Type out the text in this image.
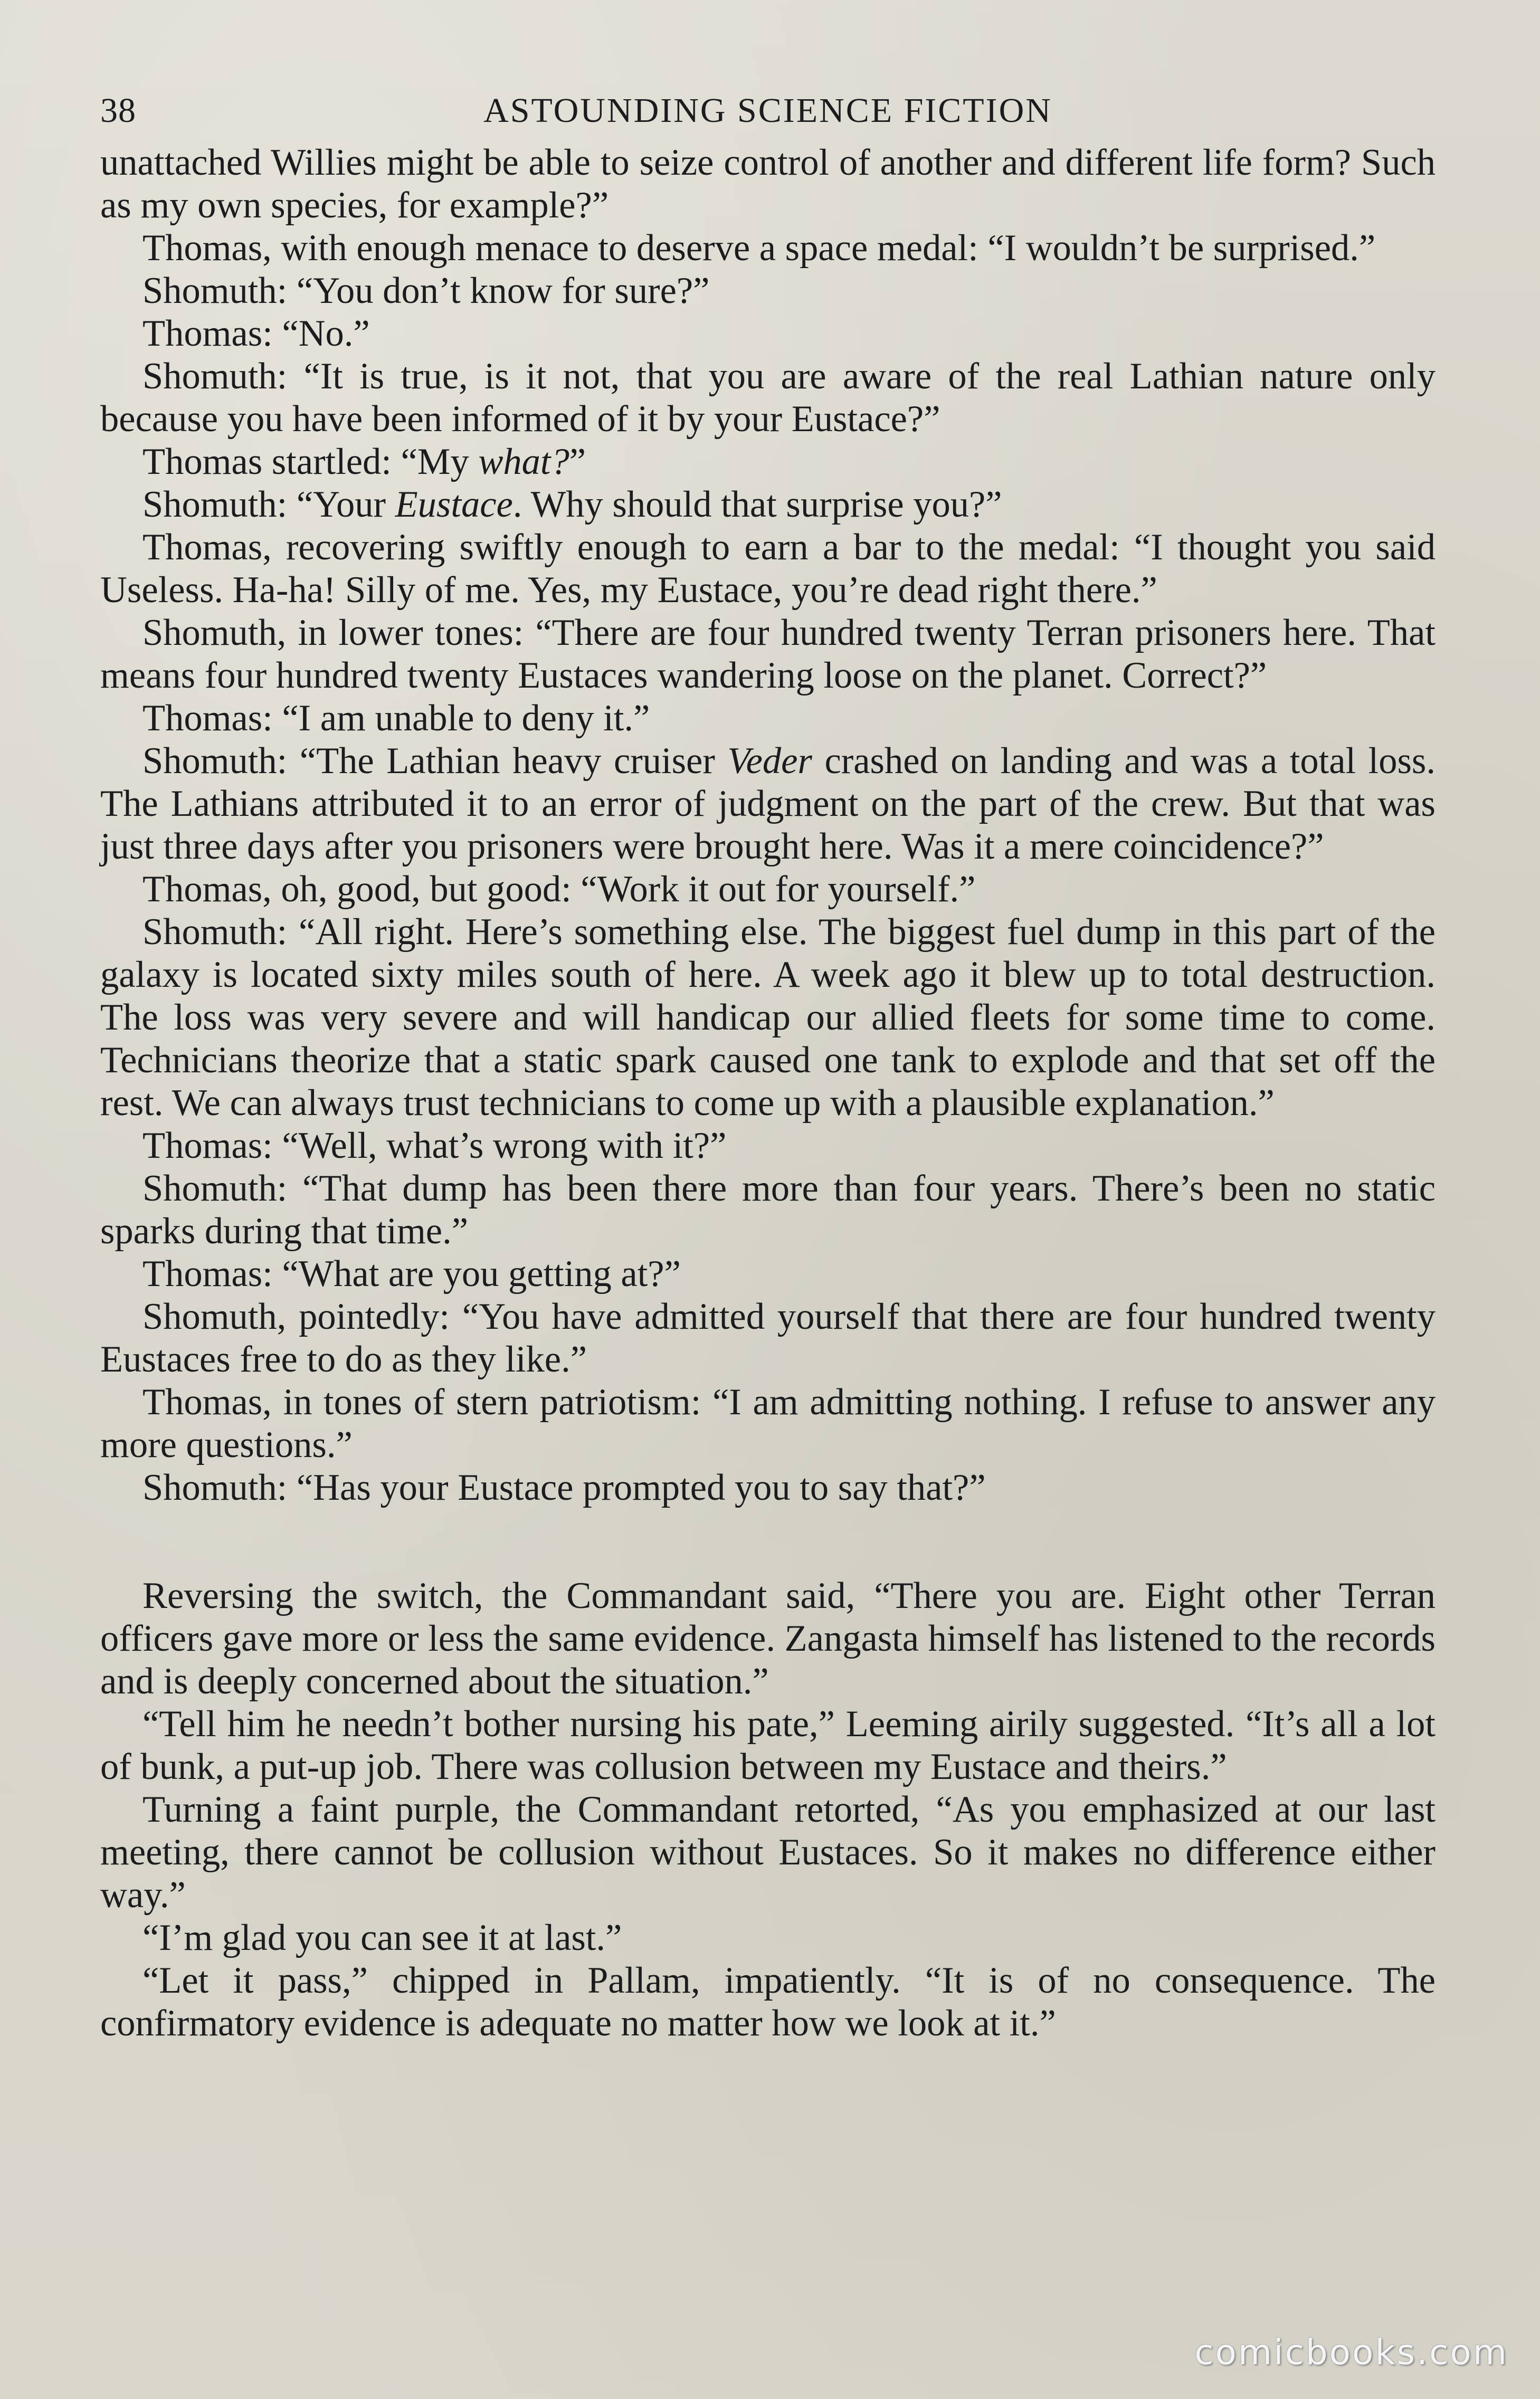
38	ASTOUNDING SCIENCE FICTION

unattached Willies might be able to seize control of another and different life form? Such as my own species, for example?”

Thomas, with enough menace to deserve a space medal: “I wouldn’t be surprised.”

Shomuth: “You don’t know for sure?”

Thomas: “No.”

Shomuth: “It is true, is it not, that you are aware of the real Lathian nature only because you have been informed of it by your Eustace?”

Thomas startled: “My what?”

Shomuth: “Your Eustace. Why should that surprise you?”

Thomas, recovering swiftly enough to earn a bar to the medal: “I thought you said Useless. Ha-ha! Silly of me. Yes, my Eustace, you’re dead right there.”

Shomuth, in lower tones: “There are four hundred twenty Terran prisoners here. That means four hundred twenty Eustaces wandering loose on the planet. Correct?”

Thomas: “I am unable to deny it.”

Shomuth: “The Lathian heavy cruiser Veder crashed on landing and was a total loss. The Lathians attributed it to an error of judgment on the part of the crew. But that was just three days after you prisoners were brought here. Was it a mere coincidence?”

Thomas, oh, good, but good: “Work it out for yourself.”

Shomuth: “All right. Here’s something else. The biggest fuel dump in this part of the galaxy is located sixty miles south of here. A week ago it blew up to total destruction. The loss was very severe and will handicap our allied fleets for some time to come. Technicians theorize that a static spark caused one tank to explode and that set off the rest. We can always trust technicians to come up with a plausible explanation.”

Thomas: “Well, what’s wrong with it?”

Shomuth: “That dump has been there more than four years. There’s been no static sparks during that time.”

Thomas: “What are you getting at?”

Shomuth, pointedly: “You have admitted yourself that there are four hundred twenty Eustaces free to do as they like.”

Thomas, in tones of stern patriotism: “I am admitting nothing. I refuse to answer any more questions.”

Shomuth: “Has your Eustace prompted you to say that?”

Reversing the switch, the Commandant said, “There you are. Eight other Terran officers gave more or less the same evidence. Zangasta himself has listened to the records and is deeply concerned about the situation.”

“Tell him he needn’t bother nursing his pate,” Leeming airily suggested. “It’s all a lot of bunk, a put-up job. There was collusion between my Eustace and theirs.”

Turning a faint purple, the Commandant retorted, “As you emphasized at our last meeting, there cannot be collusion without Eustaces. So it makes no difference either way.”

“I’m glad you can see it at last.”

“Let it pass,” chipped in Pallam, impatiently. “It is of no consequence. The confirmatory evidence is adequate no matter how we look at it.”

comicbooks.com
